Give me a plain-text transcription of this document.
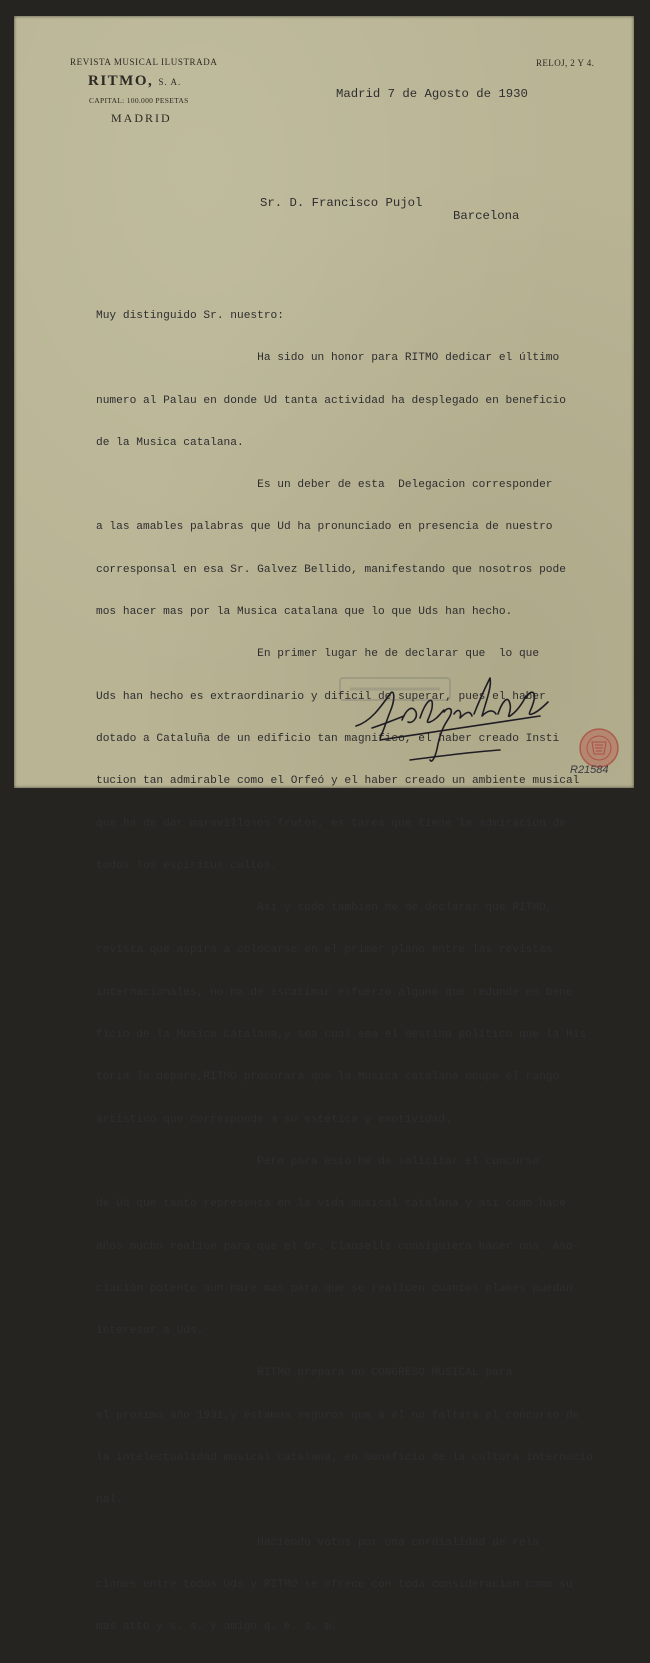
REVISTA MUSICAL ILUSTRADA
RITMO, S. A.
CAPITAL: 100.000 PESETAS
MADRID
RELOJ, 2 Y 4.
Madrid 7 de Agosto de 1930
Sr. D. Francisco Pujol
Barcelona

Muy distinguido Sr. nuestro:

Ha sido un honor para RITMO dedicar el último

numero al Palau en donde Ud tanta actividad ha desplegado en beneficio

de la Musica catalana.

Es un deber de esta  Delegacion corresponder

a las amables palabras que Ud ha pronunciado en presencia de nuestro

corresponsal en esa Sr. Galvez Bellido, manifestando que nosotros pode

mos hacer mas por la Musica catalana que lo que Uds han hecho.

En primer lugar he de declarar que  lo que

Uds han hecho es extraordinario y dificil de superar, pues el haber

dotado a Cataluña de un edificio tan magnifico, el haber creado Insti

tucion tan admirable como el Orfeó y el haber creado un ambiente musical

que ha de dar maravillosos frutos, es tarea que tiene la admiracion de

todos los espiritus cultos.

Asi y todo tambien he de declarar que RITMO,

revista que aspira a colocarse en el primer plano entre las revistas

internacionales, no ha de escatimar esfuerzo alguno que redunde en bene

ficio de la Musica Catalana,y sea cual sea el destino politico que la His

toria la depare,RITMO procurará que la Musica catalana ocupe el rango

artistico que corresponde a su estética y emotividad.

Pero para esto he de solicitar el concurso

de Ud que tanto representa en la vida musical catalana y asi como hace

años mucho realicé para que el Sr. Clausells consiguiera hacer una  Aso-

ciación potente aun hare mas para que se realicen cuantos planes puedan

interesar a Uds.

RITMO prepara un CONGRESO MUSICAL para

el proximo año 1931,y estamos seguros que a él no faltará el concurso de

la intelectualidad musical catalana, en beneficio de la cultura internacio

nal.

Haciendo votos por una cordialidad de rela

ciones entre todos Uds y RITMO se ofrece con toda consideracion como su

mas atto y s. s. y amigo q. e. s. m.

R21584
